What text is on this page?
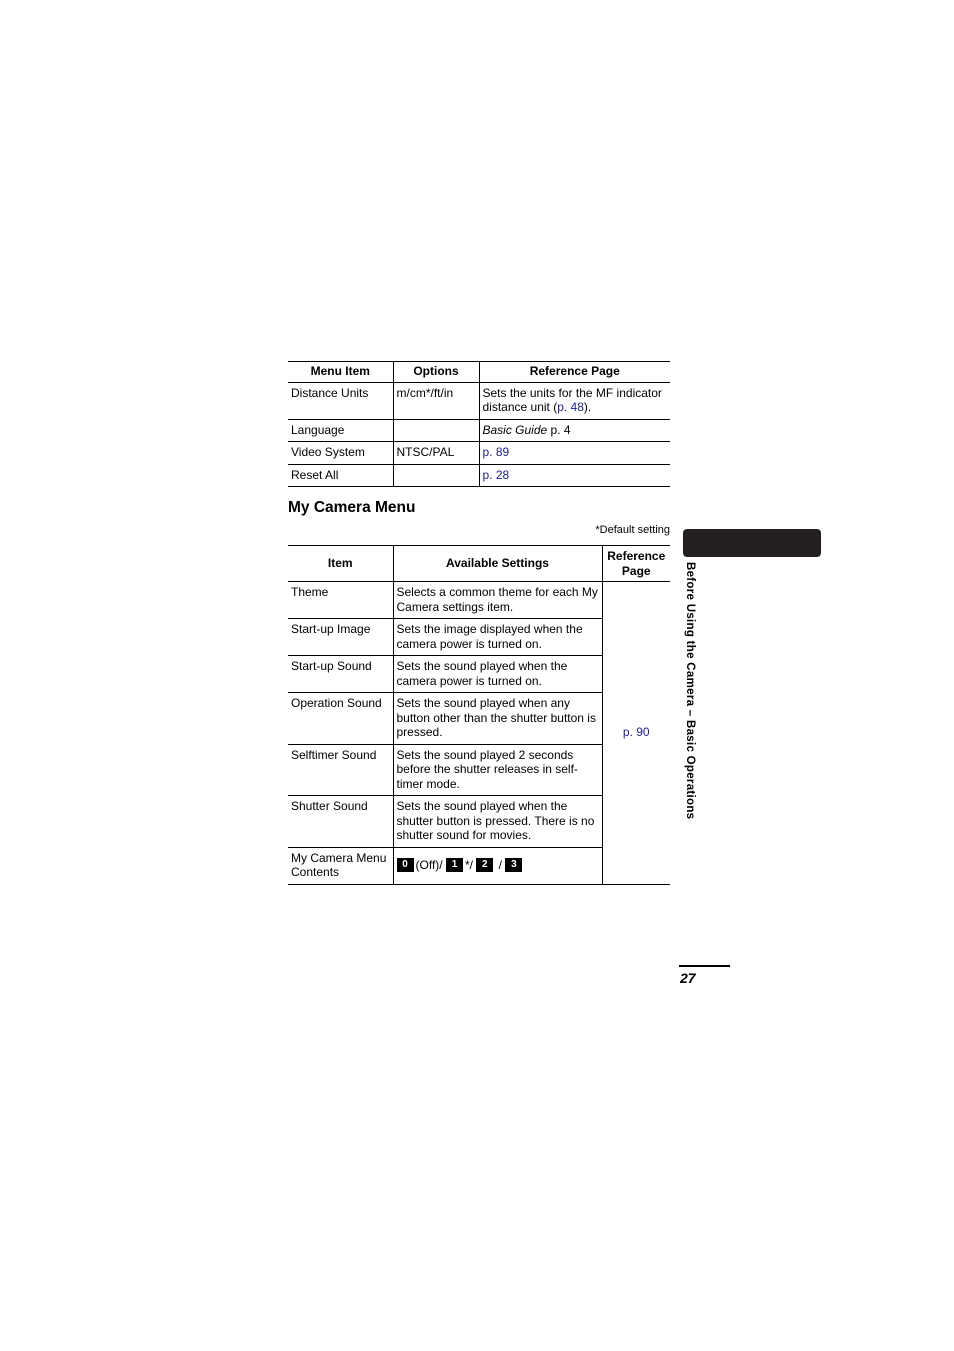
Menu Item	Options	Reference Page
Distance Units	m/cm*/ft/in	Sets the units for the MF indicator distance unit (p. 48).
Language		Basic Guide p. 4
Video System	NTSC/PAL	p. 89
Reset All		p. 28
My Camera Menu
*Default setting
Item	Available Settings	Reference Page
Theme	Selects a common theme for each My Camera settings item.	p. 90
Start-up Image	Sets the image displayed when the camera power is turned on.	
Start-up Sound	Sets the sound played when the camera power is turned on.	
Operation Sound	Sets the sound played when any button other than the shutter button is pressed.	
Selftimer Sound	Sets the sound played 2 seconds before the shutter releases in self-timer mode.	
Shutter Sound	Sets the sound played when the shutter button is pressed. There is no shutter sound for movies.	
My Camera Menu Contents	0 (Off)/ 1 */ 2 / 3	
Before Using the Camera – Basic Operations
27
